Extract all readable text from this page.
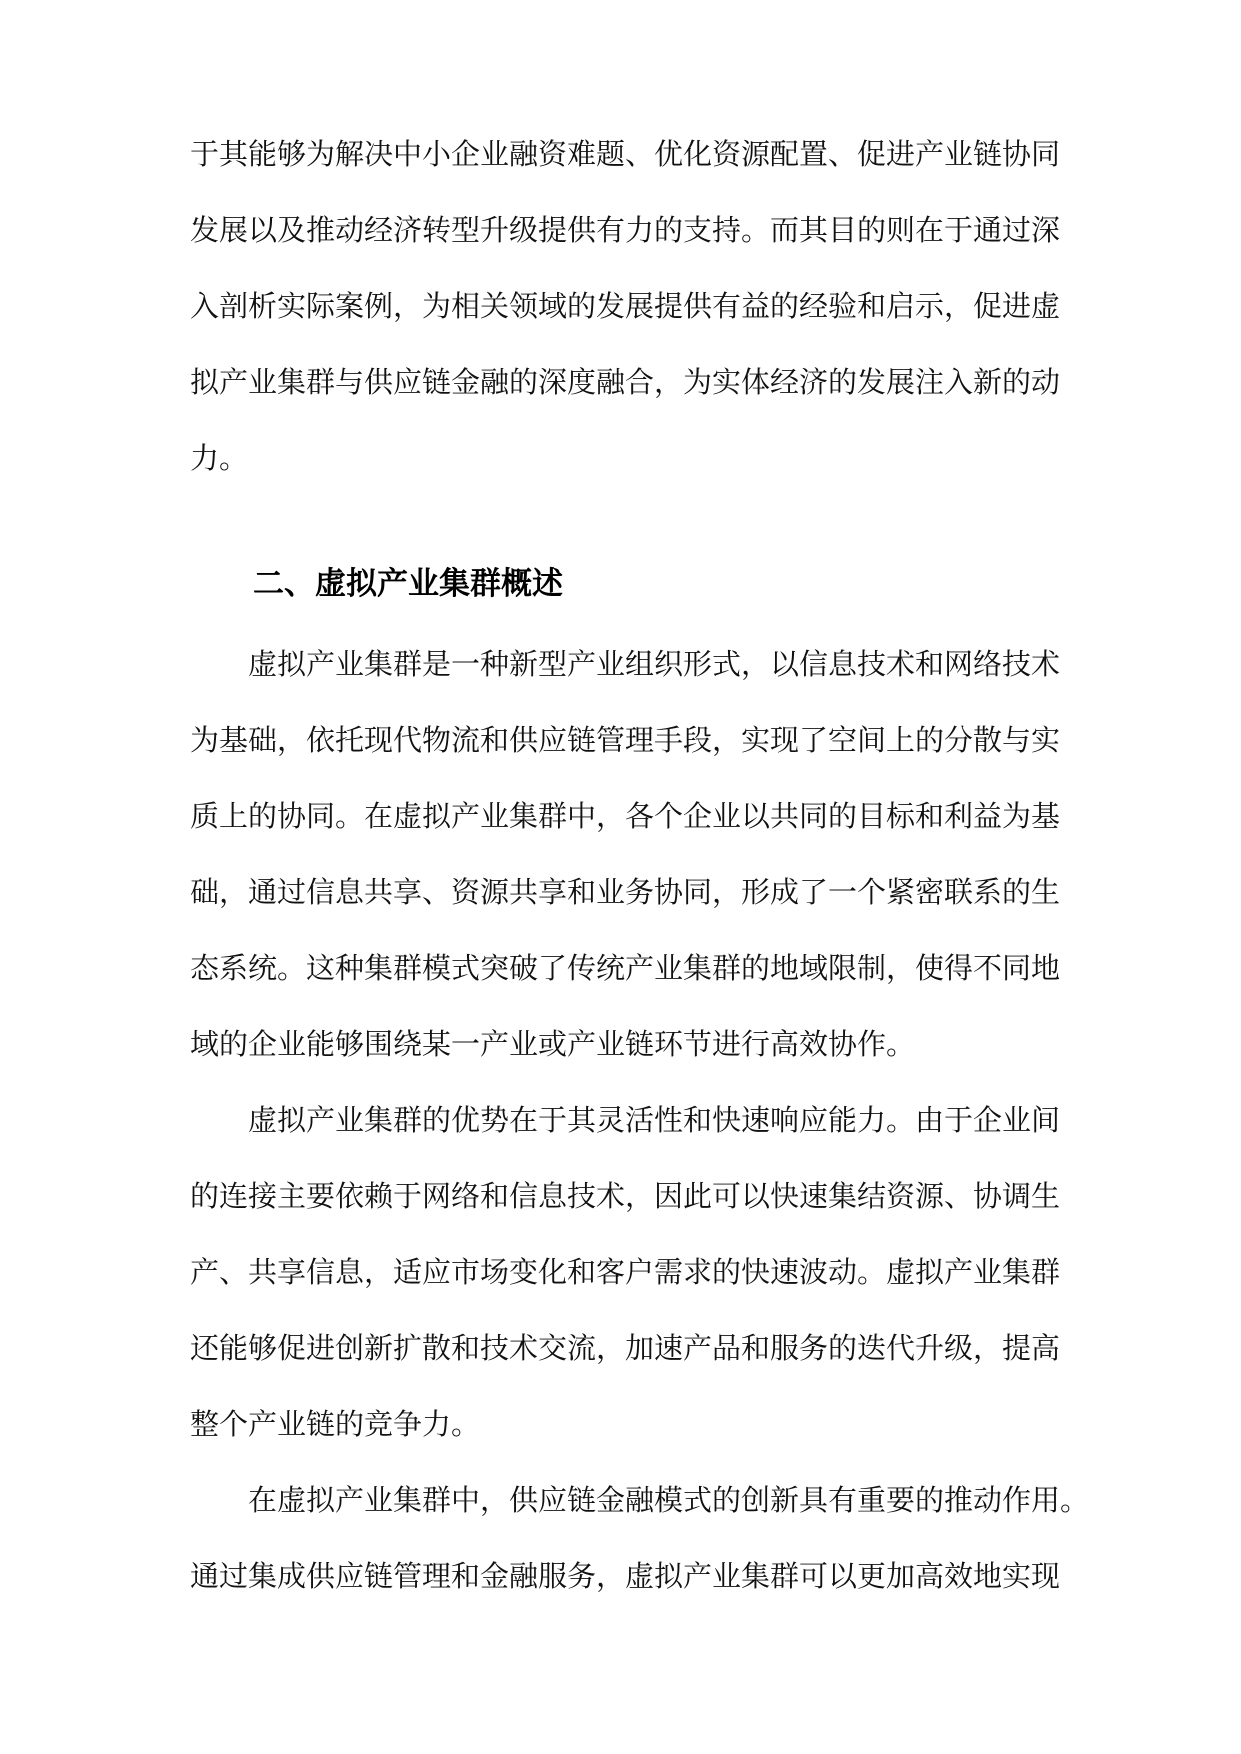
于其能够为解决中小企业融资难题、优化资源配置、促进产业链协同
发展以及推动经济转型升级提供有力的支持。而其目的则在于通过深
入剖析实际案例，为相关领域的发展提供有益的经验和启示，促进虚
拟产业集群与供应链金融的深度融合，为实体经济的发展注入新的动
力。
二、虚拟产业集群概述
虚拟产业集群是一种新型产业组织形式，以信息技术和网络技术
为基础，依托现代物流和供应链管理手段，实现了空间上的分散与实
质上的协同。在虚拟产业集群中，各个企业以共同的目标和利益为基
础，通过信息共享、资源共享和业务协同，形成了一个紧密联系的生
态系统。这种集群模式突破了传统产业集群的地域限制，使得不同地
域的企业能够围绕某一产业或产业链环节进行高效协作。
虚拟产业集群的优势在于其灵活性和快速响应能力。由于企业间
的连接主要依赖于网络和信息技术，因此可以快速集结资源、协调生
产、共享信息，适应市场变化和客户需求的快速波动。虚拟产业集群
还能够促进创新扩散和技术交流，加速产品和服务的迭代升级，提高
整个产业链的竞争力。
在虚拟产业集群中，供应链金融模式的创新具有重要的推动作用。
通过集成供应链管理和金融服务，虚拟产业集群可以更加高效地实现
